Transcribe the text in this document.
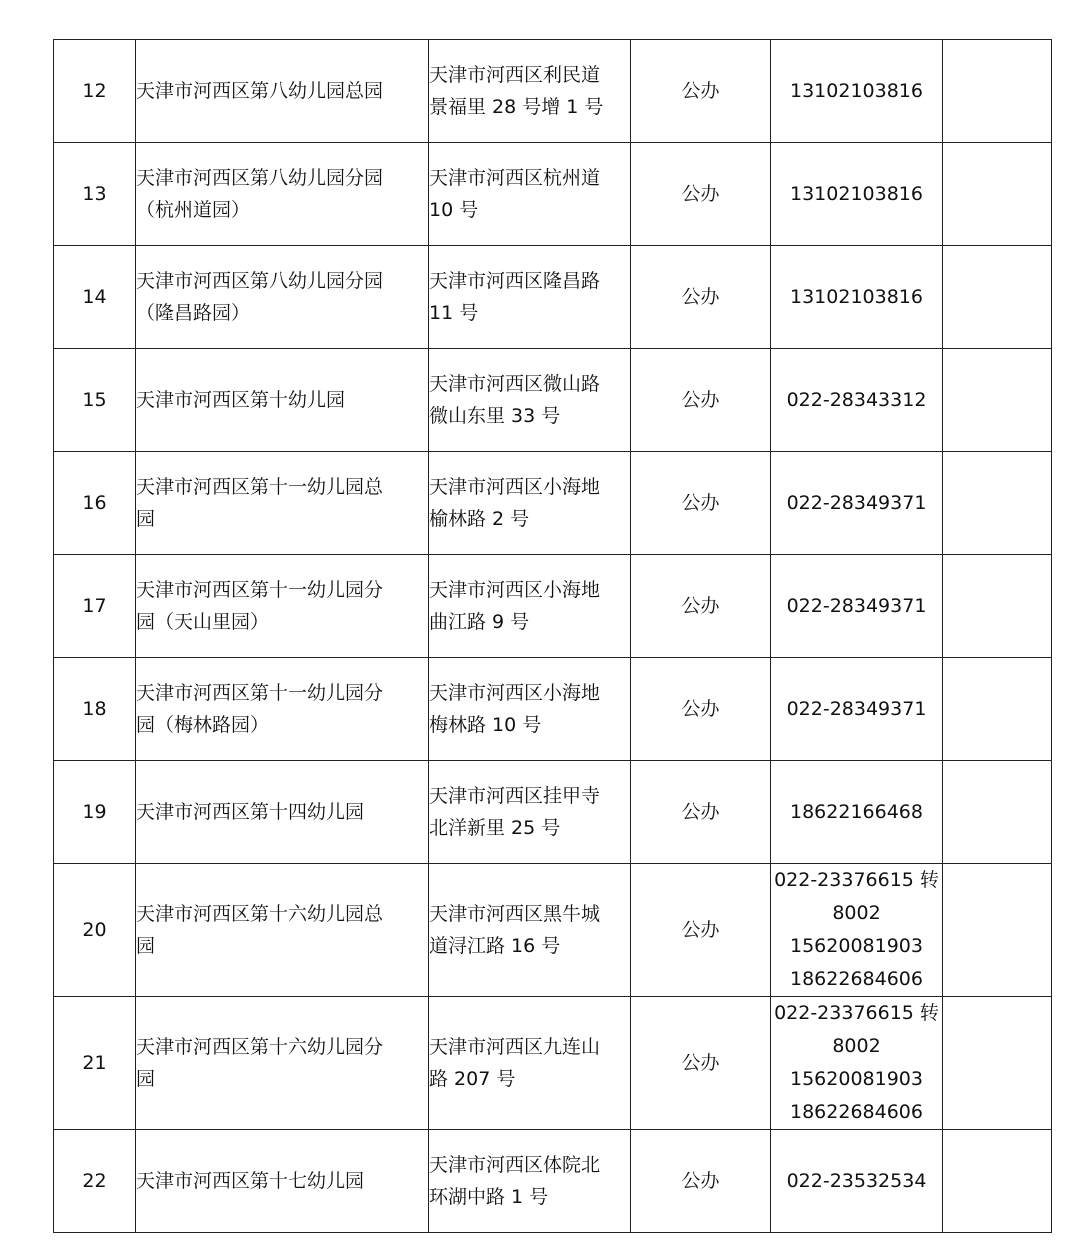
12	天津市河西区第八幼儿园总园	天津市河西区利民道
景福里 28 号增 1 号	公办	13102103816	

13	天津市河西区第八幼儿园分园
（杭州道园）	天津市河西区杭州道
10 号	公办	13102103816	

14	天津市河西区第八幼儿园分园
（隆昌路园）	天津市河西区隆昌路
11 号	公办	13102103816	

15	天津市河西区第十幼儿园	天津市河西区微山路
微山东里 33 号	公办	022-28343312	

16	天津市河西区第十一幼儿园总
园	天津市河西区小海地
榆林路 2 号	公办	022-28349371	

17	天津市河西区第十一幼儿园分
园（天山里园）	天津市河西区小海地
曲江路 9 号	公办	022-28349371	

18	天津市河西区第十一幼儿园分
园（梅林路园）	天津市河西区小海地
梅林路 10 号	公办	022-28349371	

19	天津市河西区第十四幼儿园	天津市河西区挂甲寺
北洋新里 25 号	公办	18622166468	

20	天津市河西区第十六幼儿园总
园	天津市河西区黑牛城
道浔江路 16 号	公办	022-23376615 转
8002
15620081903
18622684606	

21	天津市河西区第十六幼儿园分
园	天津市河西区九连山
路 207 号	公办	022-23376615 转
8002
15620081903
18622684606	

22	天津市河西区第十七幼儿园	天津市河西区体院北
环湖中路 1 号	公办	022-23532534	
